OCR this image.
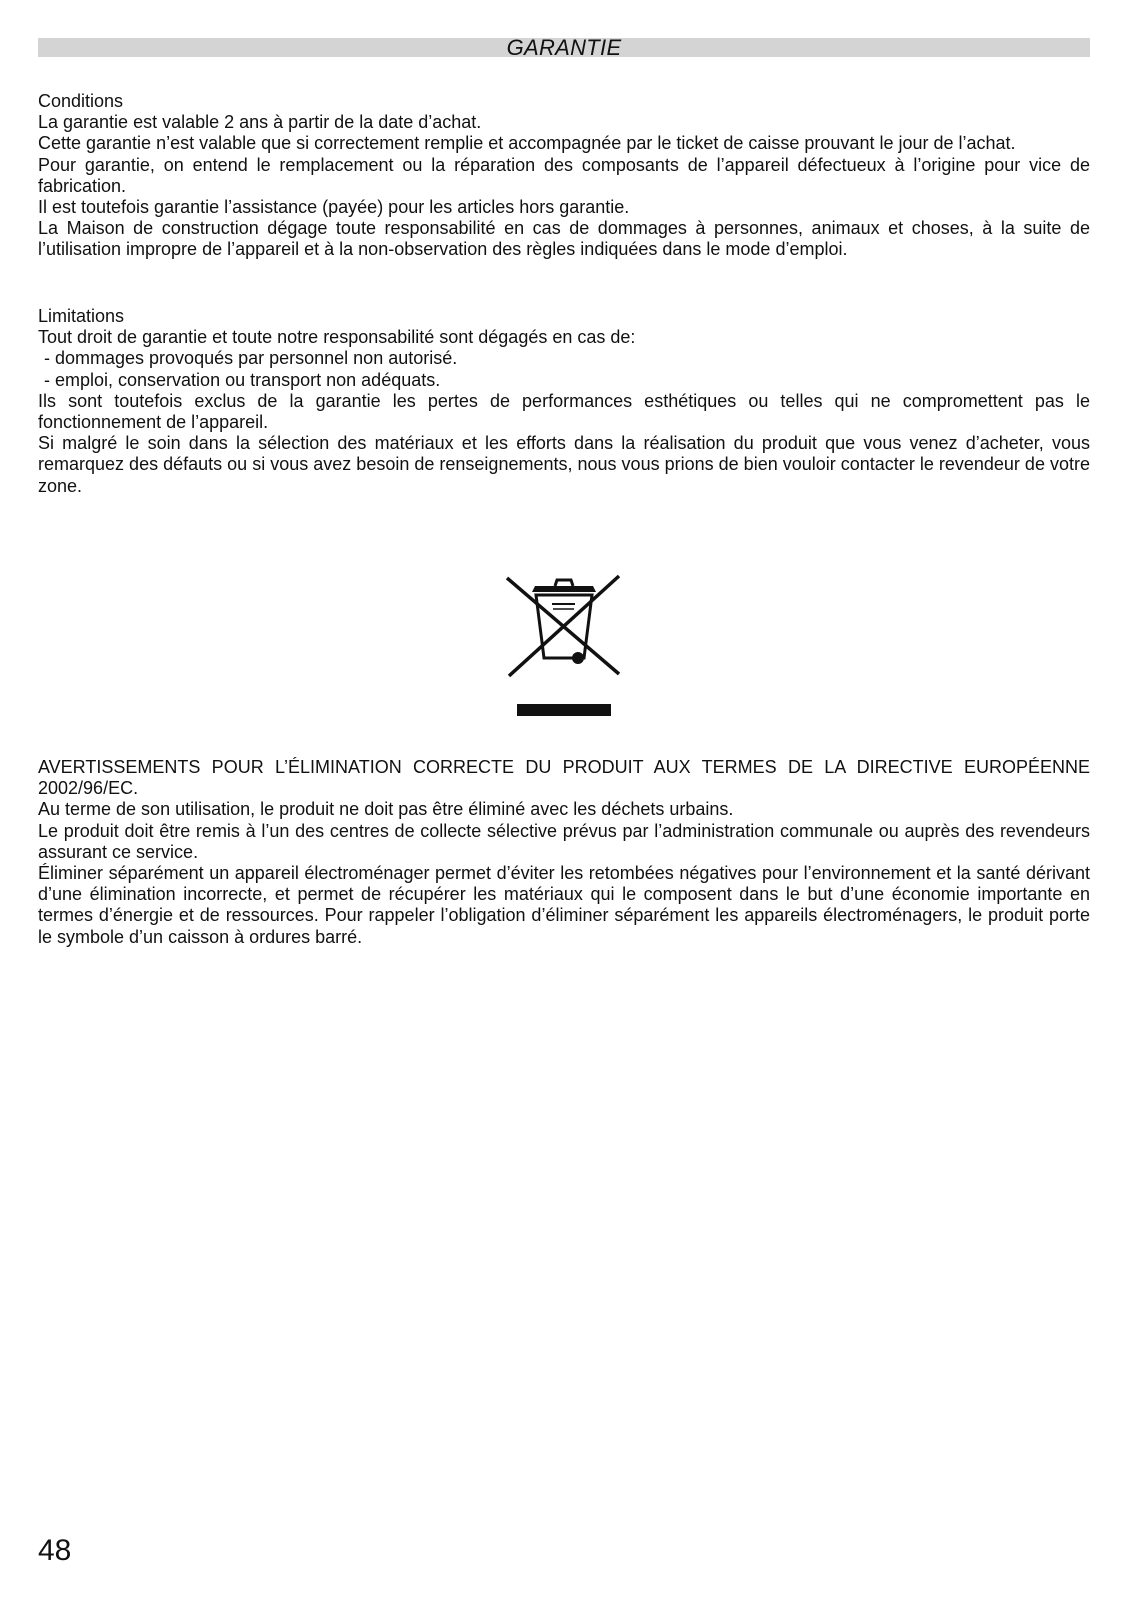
GARANTIE

Conditions

La garantie est valable 2 ans à partir de la date d’achat.

Cette garantie n’est valable que si correctement remplie et accompagnée par le ticket de caisse prouvant le jour de l’achat.

Pour garantie, on entend le remplacement ou la réparation des composants de l’appareil défectueux à l’origine pour vice de fabrication.

Il est toutefois garantie l’assistance (payée) pour les articles hors garantie.

La Maison de construction dégage toute responsabilité en cas de dommages à personnes, animaux et choses, à la suite de l’utilisation impropre de l’appareil et à la non-observation des règles indiquées dans le mode d’emploi.

Limitations

Tout droit de garantie et toute notre responsabilité sont dégagés en cas de:

- dommages provoqués par personnel non autorisé.

- emploi, conservation ou transport non adéquats.

Ils sont toutefois exclus de la garantie les pertes de performances esthétiques ou telles qui ne compromettent pas le fonctionnement de l’appareil.

Si malgré le soin dans la sélection des matériaux et les efforts dans la réalisation du produit que vous venez d’acheter, vous remarquez des défauts ou si vous avez besoin de renseignements, nous vous prions de bien vouloir contacter le revendeur de votre zone.

AVERTISSEMENTS POUR L’ÉLIMINATION CORRECTE DU PRODUIT AUX TERMES DE LA DIRECTIVE EUROPÉENNE 2002/96/EC.

Au terme de son utilisation, le produit ne doit pas être éliminé avec les déchets urbains.

Le produit doit être remis à l’un des centres de collecte sélective prévus par l’administration communale ou auprès des revendeurs assurant ce service.

Éliminer séparément un appareil électroménager permet d’éviter les retombées négatives pour l’environnement et la santé dérivant d’une élimination incorrecte, et permet de récupérer les matériaux qui le composent dans le but d’une économie importante en termes d’énergie et de ressources. Pour rappeler l’obligation d’éliminer séparément les appareils électroménagers, le produit porte le symbole d’un caisson à ordures barré.

48
